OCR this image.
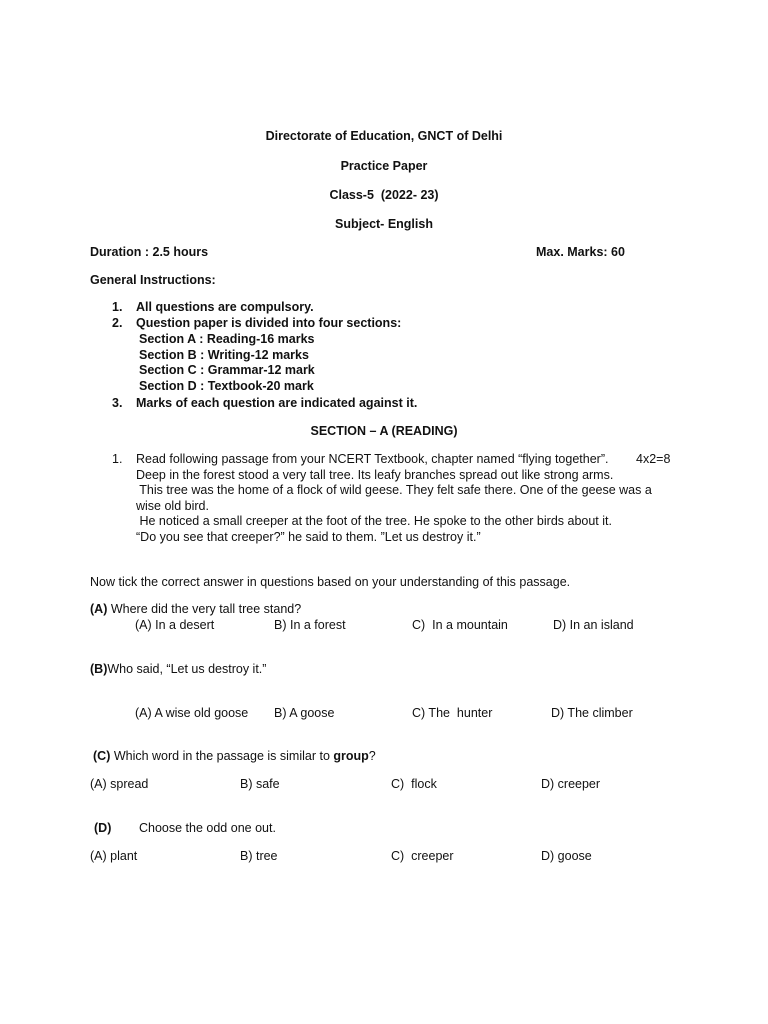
Directorate of Education, GNCT of Delhi
Practice Paper
Class-5  (2022- 23)
Subject- English
Duration : 2.5 hours	Max. Marks: 60
General Instructions:
1. All questions are compulsory.
2. Question paper is divided into four sections:
Section A : Reading-16 marks
Section B : Writing-12 marks
Section C : Grammar-12 mark
Section D : Textbook-20 mark
3. Marks of each question are indicated against it.
SECTION – A (READING)
1. Read following passage from your NCERT Textbook, chapter named “flying together”. 4x2=8
Deep in the forest stood a very tall tree. Its leafy branches spread out like strong arms.
This tree was the home of a flock of wild geese. They felt safe there. One of the geese was a
wise old bird.
He noticed a small creeper at the foot of the tree. He spoke to the other birds about it.
“Do you see that creeper?” he said to them. ”Let us destroy it.”
Now tick the correct answer in questions based on your understanding of this passage.
(A) Where did the very tall tree stand?
(A) In a desert	B) In a forest	C)  In a mountain	D) In an island
(B)Who said, “Let us destroy it.”
(A) A wise old goose B) A goose	C) The  hunter	D) The climber
(C) Which word in the passage is similar to group?
(A) spread	B) safe	C)  flock	D) creeper
(D) Choose the odd one out.
(A) plant	B) tree	C)  creeper	D) goose
